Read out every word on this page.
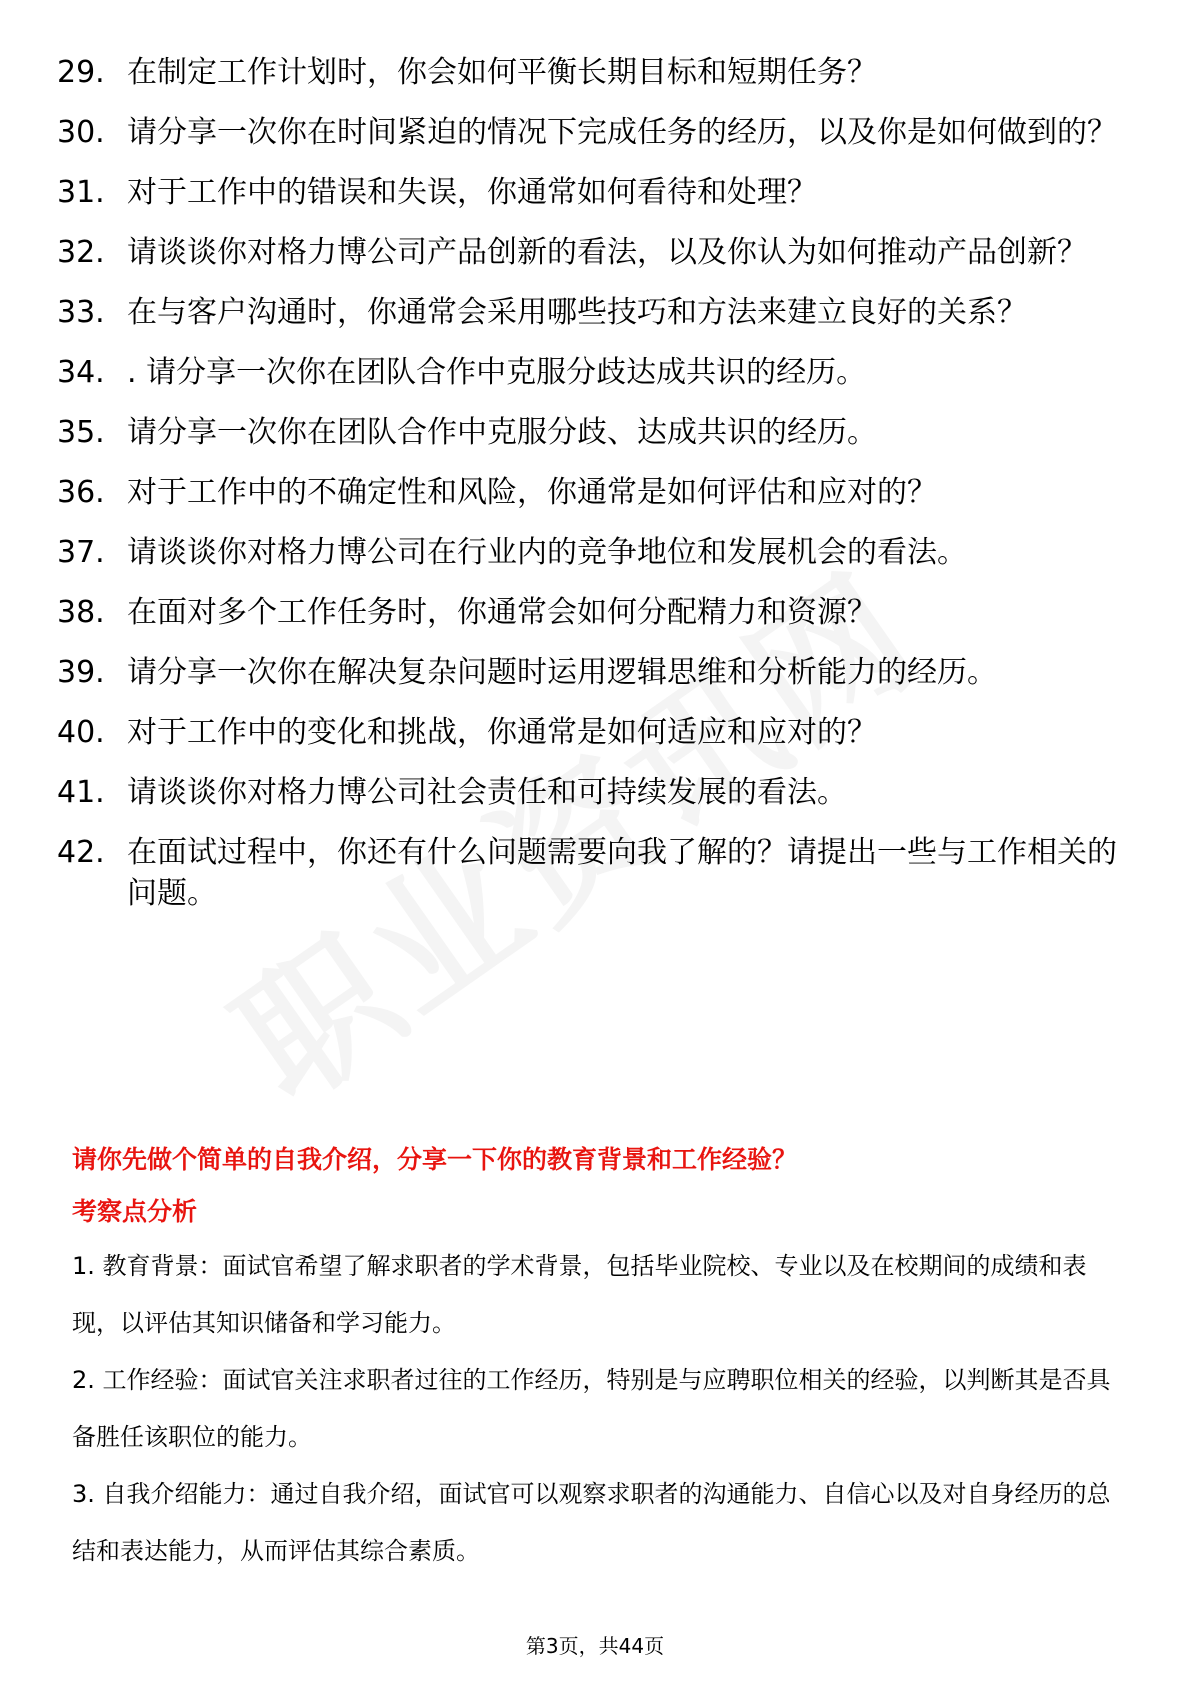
29. 在制定工作计划时，你会如何平衡长期目标和短期任务？
30. 请分享一次你在时间紧迫的情况下完成任务的经历，以及你是如何做到的？
31. 对于工作中的错误和失误，你通常如何看待和处理？
32. 请谈谈你对格力博公司产品创新的看法，以及你认为如何推动产品创新？
33. 在与客户沟通时，你通常会采用哪些技巧和方法来建立良好的关系？
34. . 请分享一次你在团队合作中克服分歧达成共识的经历。
35. 请分享一次你在团队合作中克服分歧、达成共识的经历。
36. 对于工作中的不确定性和风险，你通常是如何评估和应对的？
37. 请谈谈你对格力博公司在行业内的竞争地位和发展机会的看法。
38. 在面对多个工作任务时，你通常会如何分配精力和资源？
39. 请分享一次你在解决复杂问题时运用逻辑思维和分析能力的经历。
40. 对于工作中的变化和挑战，你通常是如何适应和应对的？
41. 请谈谈你对格力博公司社会责任和可持续发展的看法。
42. 在面试过程中，你还有什么问题需要向我了解的？请提出一些与工作相关的问题。

请你先做个简单的自我介绍，分享一下你的教育背景和工作经验？

考察点分析

1. 教育背景：面试官希望了解求职者的学术背景，包括毕业院校、专业以及在校期间的成绩和表现，以评估其知识储备和学习能力。

2. 工作经验：面试官关注求职者过往的工作经历，特别是与应聘职位相关的经验，以判断其是否具备胜任该职位的能力。

3. 自我介绍能力：通过自我介绍，面试官可以观察求职者的沟通能力、自信心以及对自身经历的总结和表达能力，从而评估其综合素质。

第3页，共44页
